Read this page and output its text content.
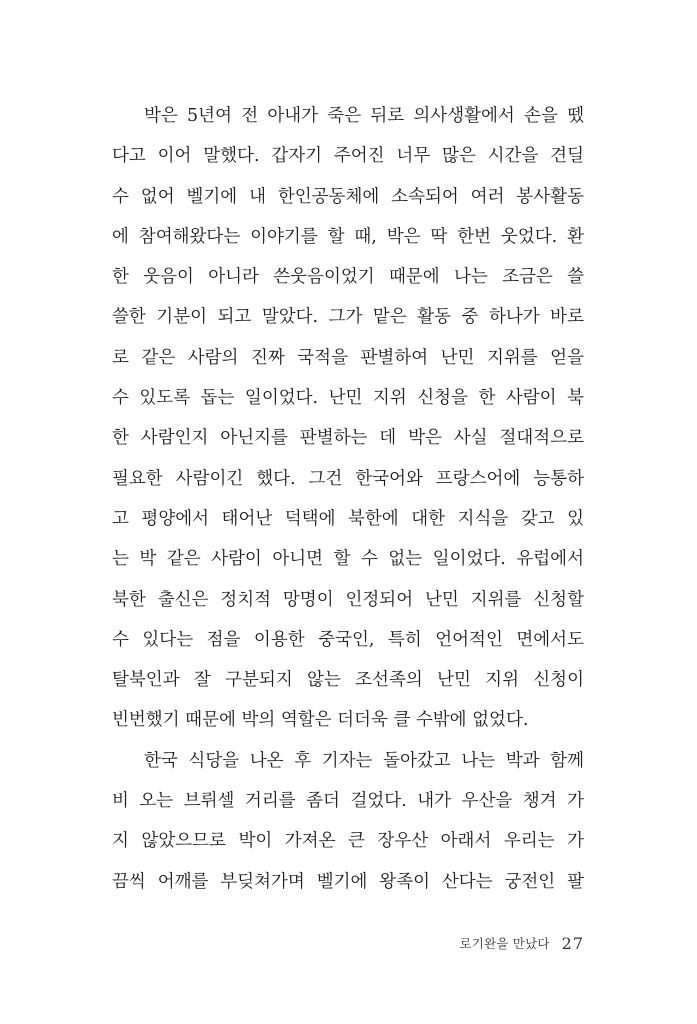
박은 5년여 전 아내가 죽은 뒤로 의사생활에서 손을 뗐
다고 이어 말했다. 갑자기 주어진 너무 많은 시간을 견딜
수 없어 벨기에 내 한인공동체에 소속되어 여러 봉사활동
에 참여해왔다는 이야기를 할 때, 박은 딱 한번 웃었다. 환
한 웃음이 아니라 쓴웃음이었기 때문에 나는 조금은 쓸
쓸한 기분이 되고 말았다. 그가 맡은 활동 중 하나가 바로
로 같은 사람의 진짜 국적을 판별하여 난민 지위를 얻을
수 있도록 돕는 일이었다. 난민 지위 신청을 한 사람이 북
한 사람인지 아닌지를 판별하는 데 박은 사실 절대적으로
필요한 사람이긴 했다. 그건 한국어와 프랑스어에 능통하
고 평양에서 태어난 덕택에 북한에 대한 지식을 갖고 있
는 박 같은 사람이 아니면 할 수 없는 일이었다. 유럽에서
북한 출신은 정치적 망명이 인정되어 난민 지위를 신청할
수 있다는 점을 이용한 중국인, 특히 언어적인 면에서도
탈북인과 잘 구분되지 않는 조선족의 난민 지위 신청이
빈번했기 때문에 박의 역할은 더더욱 클 수밖에 없었다.
한국 식당을 나온 후 기자는 돌아갔고 나는 박과 함께
비 오는 브뤼셀 거리를 좀더 걸었다. 내가 우산을 챙겨 가
지 않았으므로 박이 가져온 큰 장우산 아래서 우리는 가
끔씩 어깨를 부딪쳐가며 벨기에 왕족이 산다는 궁전인 팔
로기완을 만났다 27
